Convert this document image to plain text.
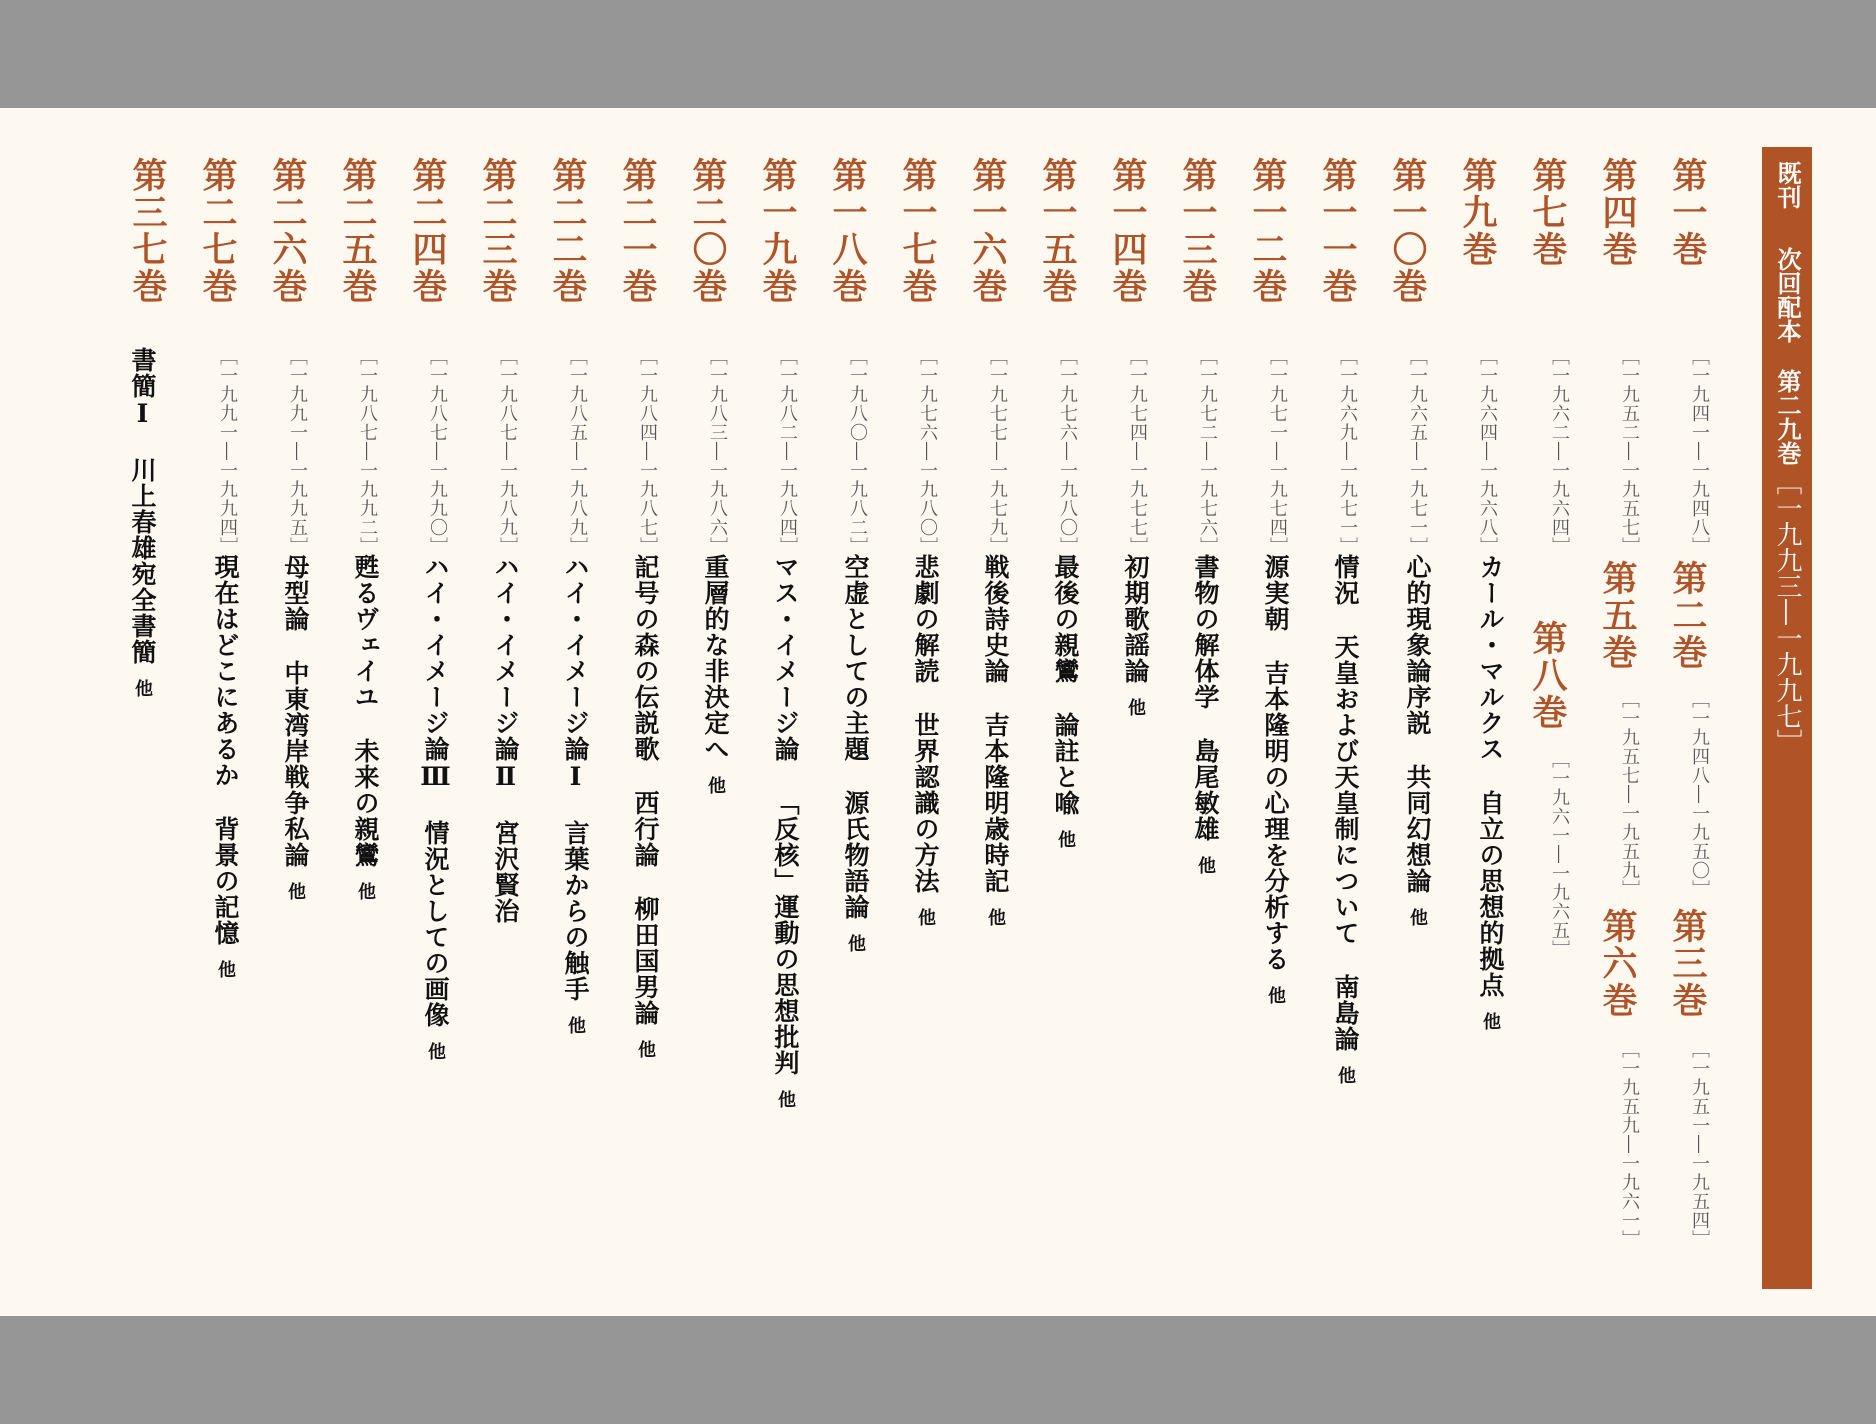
既刊
次回配本
第二九巻
［一九九三―一九九七］

第一巻

［一九四一―一九四八］

第二巻

［一九四八―一九五〇］

第三巻

［一九五一―一九五四］

第四巻

［一九五二―一九五七］

第五巻

［一九五七―一九五九］

第六巻

［一九五九―一九六一］

第七巻

［一九六二―一九六四］

第八巻

［一九六一―一九六五］

第九巻

［一九六四―一九六八］

第一〇巻

［一九六五―一九七一］

第一一巻

［一九六九―一九七一］

第一二巻

［一九七一―一九七四］

第一三巻

［一九七二―一九七六］

第一四巻

［一九七四―一九七七］

第一五巻

［一九七六―一九八〇］

第一六巻

［一九七七―一九七九］

第一七巻

［一九七六―一九八〇］

第一八巻

［一九八〇―一九八二］

第一九巻

［一九八二―一九八四］

第二〇巻

［一九八三―一九八六］

第二一巻

［一九八四―一九八七］

第二二巻

［一九八五―一九八九］

第二三巻

［一九八七―一九八九］

第二四巻

［一九八七―一九九〇］

第二五巻

［一九八七―一九九二］

第二六巻

［一九九一―一九九五］

第二七巻

［一九九一―一九九四］

第三七巻

カール・マルクス自立の思想的拠点他
心的現象論序説共同幻想論他
情況天皇および天皇制について南島論他
源実朝吉本隆明の心理を分析する他
書物の解体学島尾敏雄他
初期歌謡論他
最後の親鸞論註と喩他
戦後詩史論吉本隆明歳時記他
悲劇の解読世界認識の方法他
空虚としての主題源氏物語論他
マス・イメージ論「反核」運動の思想批判他
重層的な非決定へ他
記号の森の伝説歌西行論柳田国男論他
ハイ・イメージ論Ⅰ言葉からの触手他
ハイ・イメージ論Ⅱ宮沢賢治
ハイ・イメージ論Ⅲ情況としての画像他
甦るヴェイユ未来の親鸞他
母型論中東湾岸戦争私論他
現在はどこにあるか背景の記憶他
書簡Ⅰ川上春雄宛全書簡他
